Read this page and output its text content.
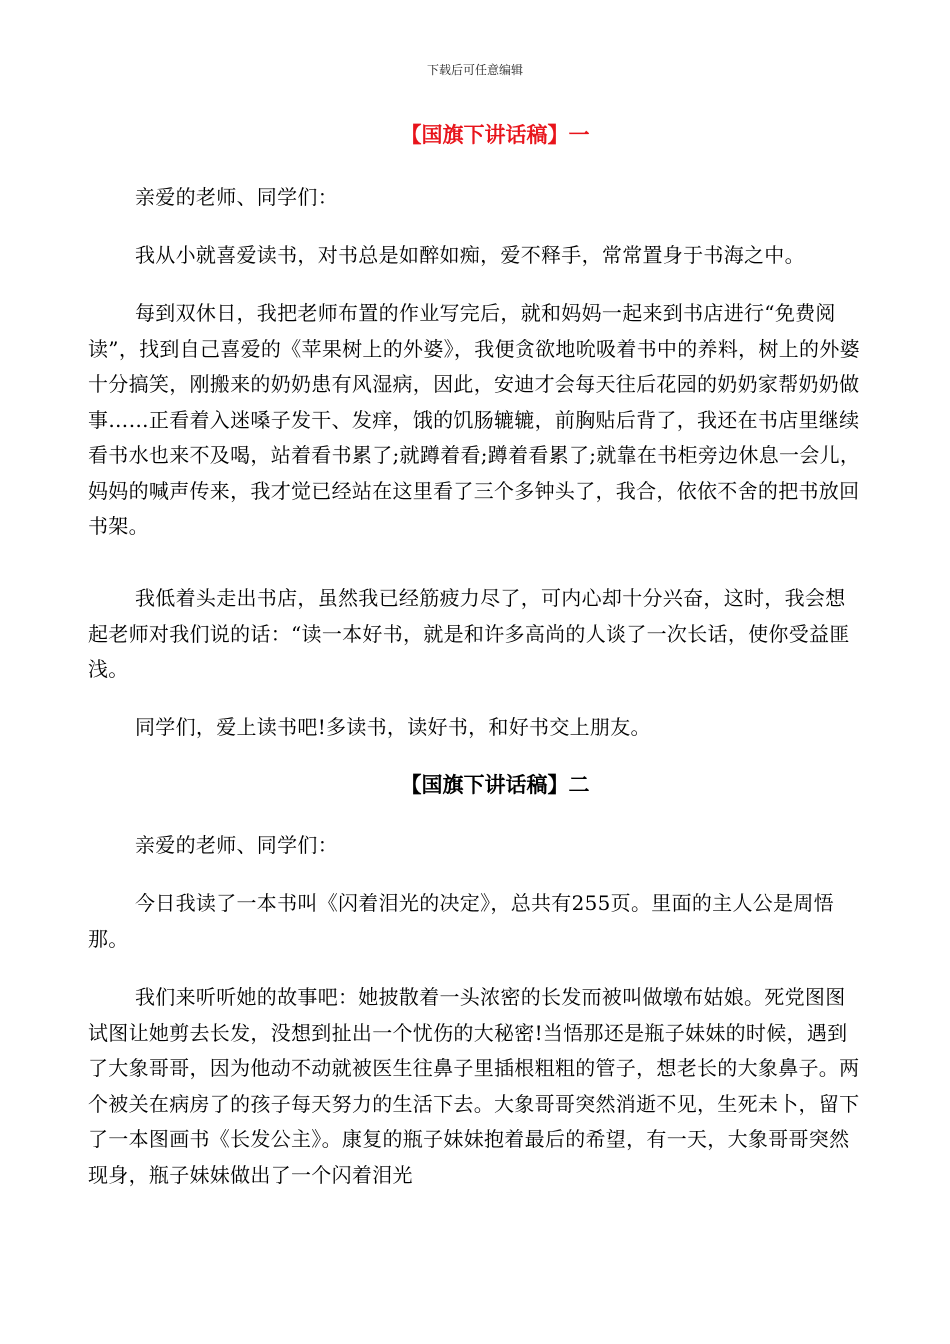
下载后可任意编辑
【国旗下讲话稿】一

亲爱的老师、同学们：

我从小就喜爱读书，对书总是如醉如痴，爱不释手，常常置身于书海之中。

每到双休日，我把老师布置的作业写完后，就和妈妈一起来到书店进行“免费阅读”，找到自己喜爱的《苹果树上的外婆》，我便贪欲地吮吸着书中的养料，树上的外婆十分搞笑，刚搬来的奶奶患有风湿病，因此，安迪才会每天往后花园的奶奶家帮奶奶做事……正看着入迷嗓子发干、发痒，饿的饥肠辘辘，前胸贴后背了，我还在书店里继续看书水也来不及喝，站着看书累了;就蹲着看;蹲着看累了;就靠在书柜旁边休息一会儿，妈妈的喊声传来，我才觉已经站在这里看了三个多钟头了，我合，依依不舍的把书放回书架。

我低着头走出书店，虽然我已经筋疲力尽了，可内心却十分兴奋，这时，我会想起老师对我们说的话：“读一本好书，就是和许多高尚的人谈了一次长话，使你受益匪浅。

同学们，爱上读书吧!多读书，读好书，和好书交上朋友。

【国旗下讲话稿】二

亲爱的老师、同学们：

今日我读了一本书叫《闪着泪光的决定》，总共有255页。里面的主人公是周悟那。

我们来听听她的故事吧：她披散着一头浓密的长发而被叫做墩布姑娘。死党图图试图让她剪去长发，没想到扯出一个忧伤的大秘密!当悟那还是瓶子妹妹的时候，遇到了大象哥哥，因为他动不动就被医生往鼻子里插根粗粗的管子，想老长的大象鼻子。两个被关在病房了的孩子每天努力的生活下去。大象哥哥突然消逝不见，生死未卜，留下了一本图画书《长发公主》。康复的瓶子妹妹抱着最后的希望，有一天，大象哥哥突然现身，瓶子妹妹做出了一个闪着泪光
